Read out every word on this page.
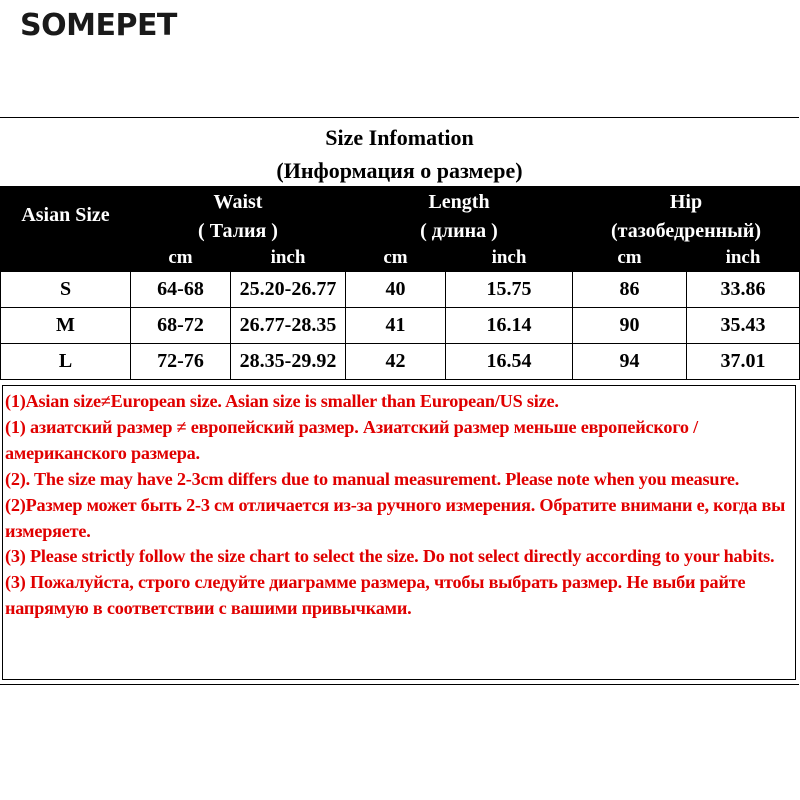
SOMEPET
Size Infomation
(Информация о размере)
Asian Size	Waist		Length		Hip	
	( Талия )		( длина )		(тазобедренный)	
	cm	inch	cm	inch	cm	inch
S	64-68	25.20-26.77	40	15.75	86	33.86
M	68-72	26.77-28.35	41	16.14	90	35.43
L	72-76	28.35-29.92	42	16.54	94	37.01

(1)Asian size≠European size. Asian size is smaller than European/US size.

(1) азиатский размер ≠ европейский размер. Азиатский размер меньше европейского / американского размера.

(2). The size may have 2-3cm differs due to manual measurement. Please note when you measure.

(2)Размер может быть 2-3 см отличается из-за ручного измерения. Обратите внимани е, когда вы измеряете.

(3) Please strictly follow the size chart to select the size. Do not select directly according to your habits.

(3) Пожалуйста, строго следуйте диаграмме размера, чтобы выбрать размер. Не выби райте напрямую в соответствии с вашими привычками.
